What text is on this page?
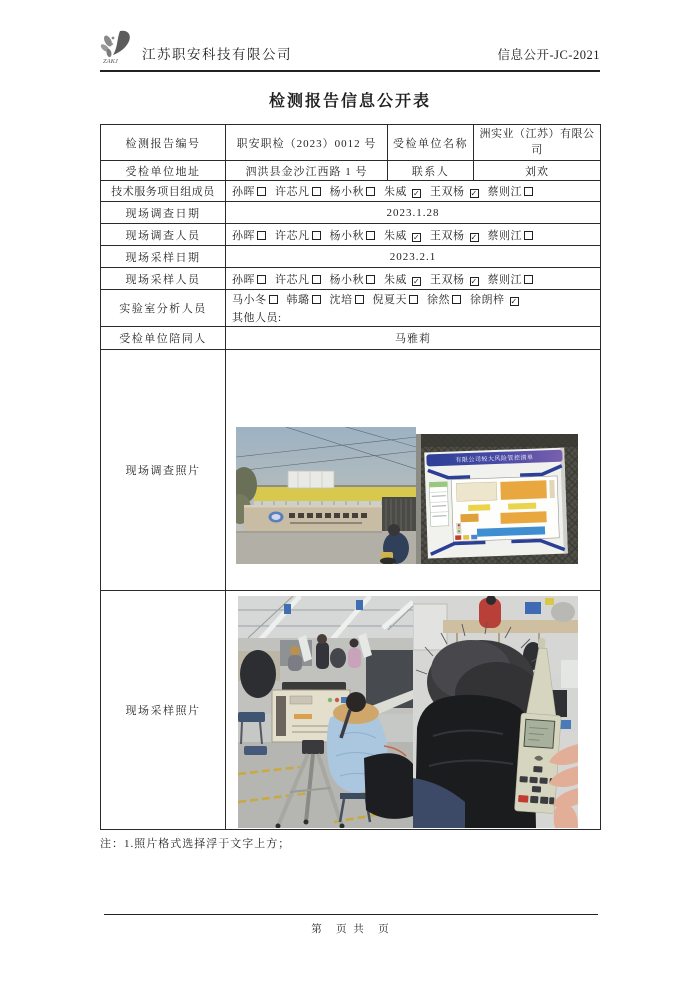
ZAKJ 江苏职安科技有限公司	信息公开-JC-2021
检测报告信息公开表
检测报告编号	职安职检（2023）0012 号	受检单位名称	洲实业（江苏）有限公司
受检单位地址	泗洪县金沙江西路 1 号	联系人	刘欢
技术服务项目组成员	孙晖 许芯凡 杨小秋 朱威 ✓ 王双杨 ✓ 蔡则江		
现场调查日期	2023.1.28		
现场调查人员	孙晖 许芯凡 杨小秋 朱威 ✓ 王双杨 ✓ 蔡则江		
现场采样日期	2023.2.1		
现场采样人员	孙晖 许芯凡 杨小秋 朱威 ✓ 王双杨 ✓ 蔡则江		
实验室分析人员	马小冬 韩璐 沈培 倪夏天 徐然 徐朗梓 ✓
其他人员:		

受检单位陪同人	马雅莉		
现场调查照片	有限公司较大风险管控清单		

现场采样照片	
注：1.照片格式选择浮于文字上方；
第　页 共　页
